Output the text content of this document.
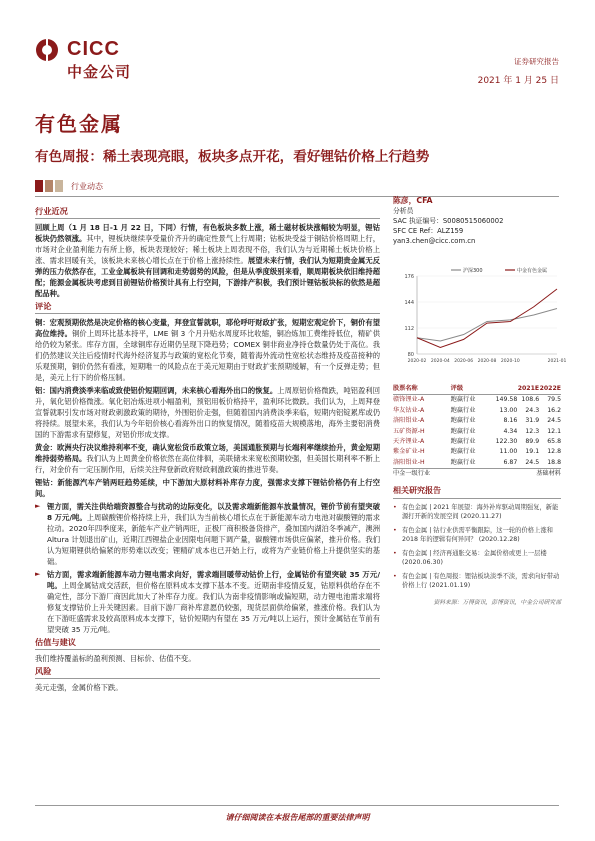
CICC
中金公司
证券研究报告
2021 年 1 月 25 日
有色金属
有色周报：稀土表现亮眼，板块多点开花，看好锂钴价格上行趋势
行业动态
行业近况

回顾上周（1 月 18 日-1 月 22 日，下同）行情，有色板块多数上涨，稀土磁材板块涨幅较为明显，锂钴板块仍然领涨。其中，锂板块继续享受量价齐升的确定性景气上行周期；钴板块受益于铜钴价格周期上行，市场对企业盈利能力有所上修，板块表现较好；稀土板块上周表现不俗，我们认为与近期稀土板块价格上涨、需求回暖有关，该板块未来核心增长点在于价格上涨持续性。展望未来行情，我们认为短期贵金属无反弹的压力依然存在，工业金属板块有回调和走势弱势的风险，但是从季度级别来看，顺周期板块依旧维持超配；能源金属板块考虑到目前锂钴价格预计具有上行空间，下游排产积极，我们预计锂钴板块标的依然是超配品种。

评论

铜：宏观预期依然是决定价格的核心变量，拜登宣誓就职，耶伦呼吁财政扩张，短期宏观定价下，铜价有望高位维持。铜价上周环比基本持平，LME 铜 3 个月升贴水周度环比收缩，铜冶炼加工费维持低位，精矿供给仍较为紧张。库存方面，全球铜库存近期仍呈现下降趋势；COMEX 铜非商业净持仓数量仍处于高位。我们仍然建议关注后疫情时代海外经济复苏与政策的宽松化节奏，随着海外流动性宽松状态维持及疫苗接种的乐观预期，铜价仍然有看涨，短期唯一的风险点在于美元短期由于财政扩张预期缓解，有一个反弹走势；但是，美元上行下的价格压制。

铝：国内消费淡季来临或致使铝价短期回调，未来核心看海外出口的恢复。上周原铝价格微跌，吨铝盈利回升，氧化铝价格微涨。氧化铝冶炼进项小幅盈利，预铝用板价格持平，盈利环比微跌。我们认为，上周拜登宣誓就职引发市场对财政刺激政策的期待，外围铝价走强，但随着国内消费淡季来临，短期内铝锭累库或仍将持续。展望未来，我们认为今年铝价核心看海外出口的恢复情况，随着疫苗大规模落地，海外主要铝消费国的下游需求有望修复，对铝价形成支撑。

黄金：欧洲央行决议维持利率不变，确认宽松货币政策立场，美国通胀预期与长端利率继续抬升，黄金短期维持弱势格局。我们认为上周黄金价格依然在高位徘徊，美联储未来宽松预期较强，但美国长期利率不断上行，对金价有一定压制作用，后续关注拜登新政府财政刺激政策的推进节奏。

锂钴：新能源汽车产销两旺趋势延续，中下游加大原材料补库存力度，强需求支撑下锂钴价格仍有上行空间。

► 锂方面，需关注供给端资源整合与扰动的边际变化，以及需求端新能源车放量情况，锂价节前有望突破 8 万元/吨。上周碳酸锂价格持续上升，我们认为当前核心增长点在于新能源车动力电池对碳酸锂的需求拉动。2020年四季度来，新能车产业产销两旺，正极厂商积极备货排产，叠加国内湖泊冬季减产，澳洲 Altura 计划退出矿山，近期江西锂盐企业因限电问题下调产量，碳酸锂市场供应偏紧，推升价格。我们认为短期锂供给偏紧的形势难以改变；锂精矿成本也已开始上行，或将为产业链价格上升提供坚实的基础。

► 钴方面，需求端新能源车动力锂电需求向好，需求端回暖带动钴价上行，金属钴价有望突破 35 万元/吨。上周金属钴成交活跃，但价格在原料成本支撑下基本不变。近期南非疫情反复，钴原料供给存在不确定性，部分下游厂商因此加大了补库存力度。我们认为南非疫情影响或偏短期，动力锂电池需求端将修复支撑钴价上升关键因素。目前下游厂商补库意愿仍较强，现货层面供给偏紧，推涨价格。我们认为在下游旺盛需求及较高原料成本支撑下，钴价短期内有望在 35 万元/吨以上运行，预计金属钴在节前有望突破 35 万元/吨。

估值与建议

我们维持覆盖标的盈利预测、目标价、估值不变。

风险

美元走强，金属价格下跌。

陈彦，CFA
分析员
SAC 执证编号：S0080515060002
SFC CE Ref：ALZ159
yan3.chen@cicc.com.cn
80
112
144
176
2020-02 2020-04 2020-06 2020-08 2020-10	2021-01
沪深300	中金有色金属
股票名称	评级	2021E 2022E
赣锋锂业-A	跑赢行业	149.58 108.6	79.5
华友钴业-A	跑赢行业	13.00	24.3	16.2
洛阳钼业-A	跑赢行业	8.16	31.9	24.5
五矿资源-H	跑赢行业	4.34	12.3	12.1
天齐锂业-A	跑赢行业	122.30	89.9	65.8
紫金矿业-H	跑赢行业	11.00	19.1	12.8
洛阳钼业-H	跑赢行业	6.87	24.5	18.8
中金一级行业	基础材料
相关研究报告
• 有色金属 | 2021 年展望：海外补库驱动周期强复，新能源打开新的发展空间 (2020.11.27)
• 有色金属 | 钴行业供需平衡跟踪，这一轮的价格上涨和 2018 年的逻辑有何异同？ (2020.12.28)
• 有色金属 | 经济再通胀交易：金属价格或更上一层楼 (2020.06.30)
• 有色金属 | 有色周报：锂钴板块淡季不淡，需求向好带动价格上行 (2021.01.19)
资料来源：万得资讯，彭博资讯，中金公司研究部
请仔细阅读在本报告尾部的重要法律声明
